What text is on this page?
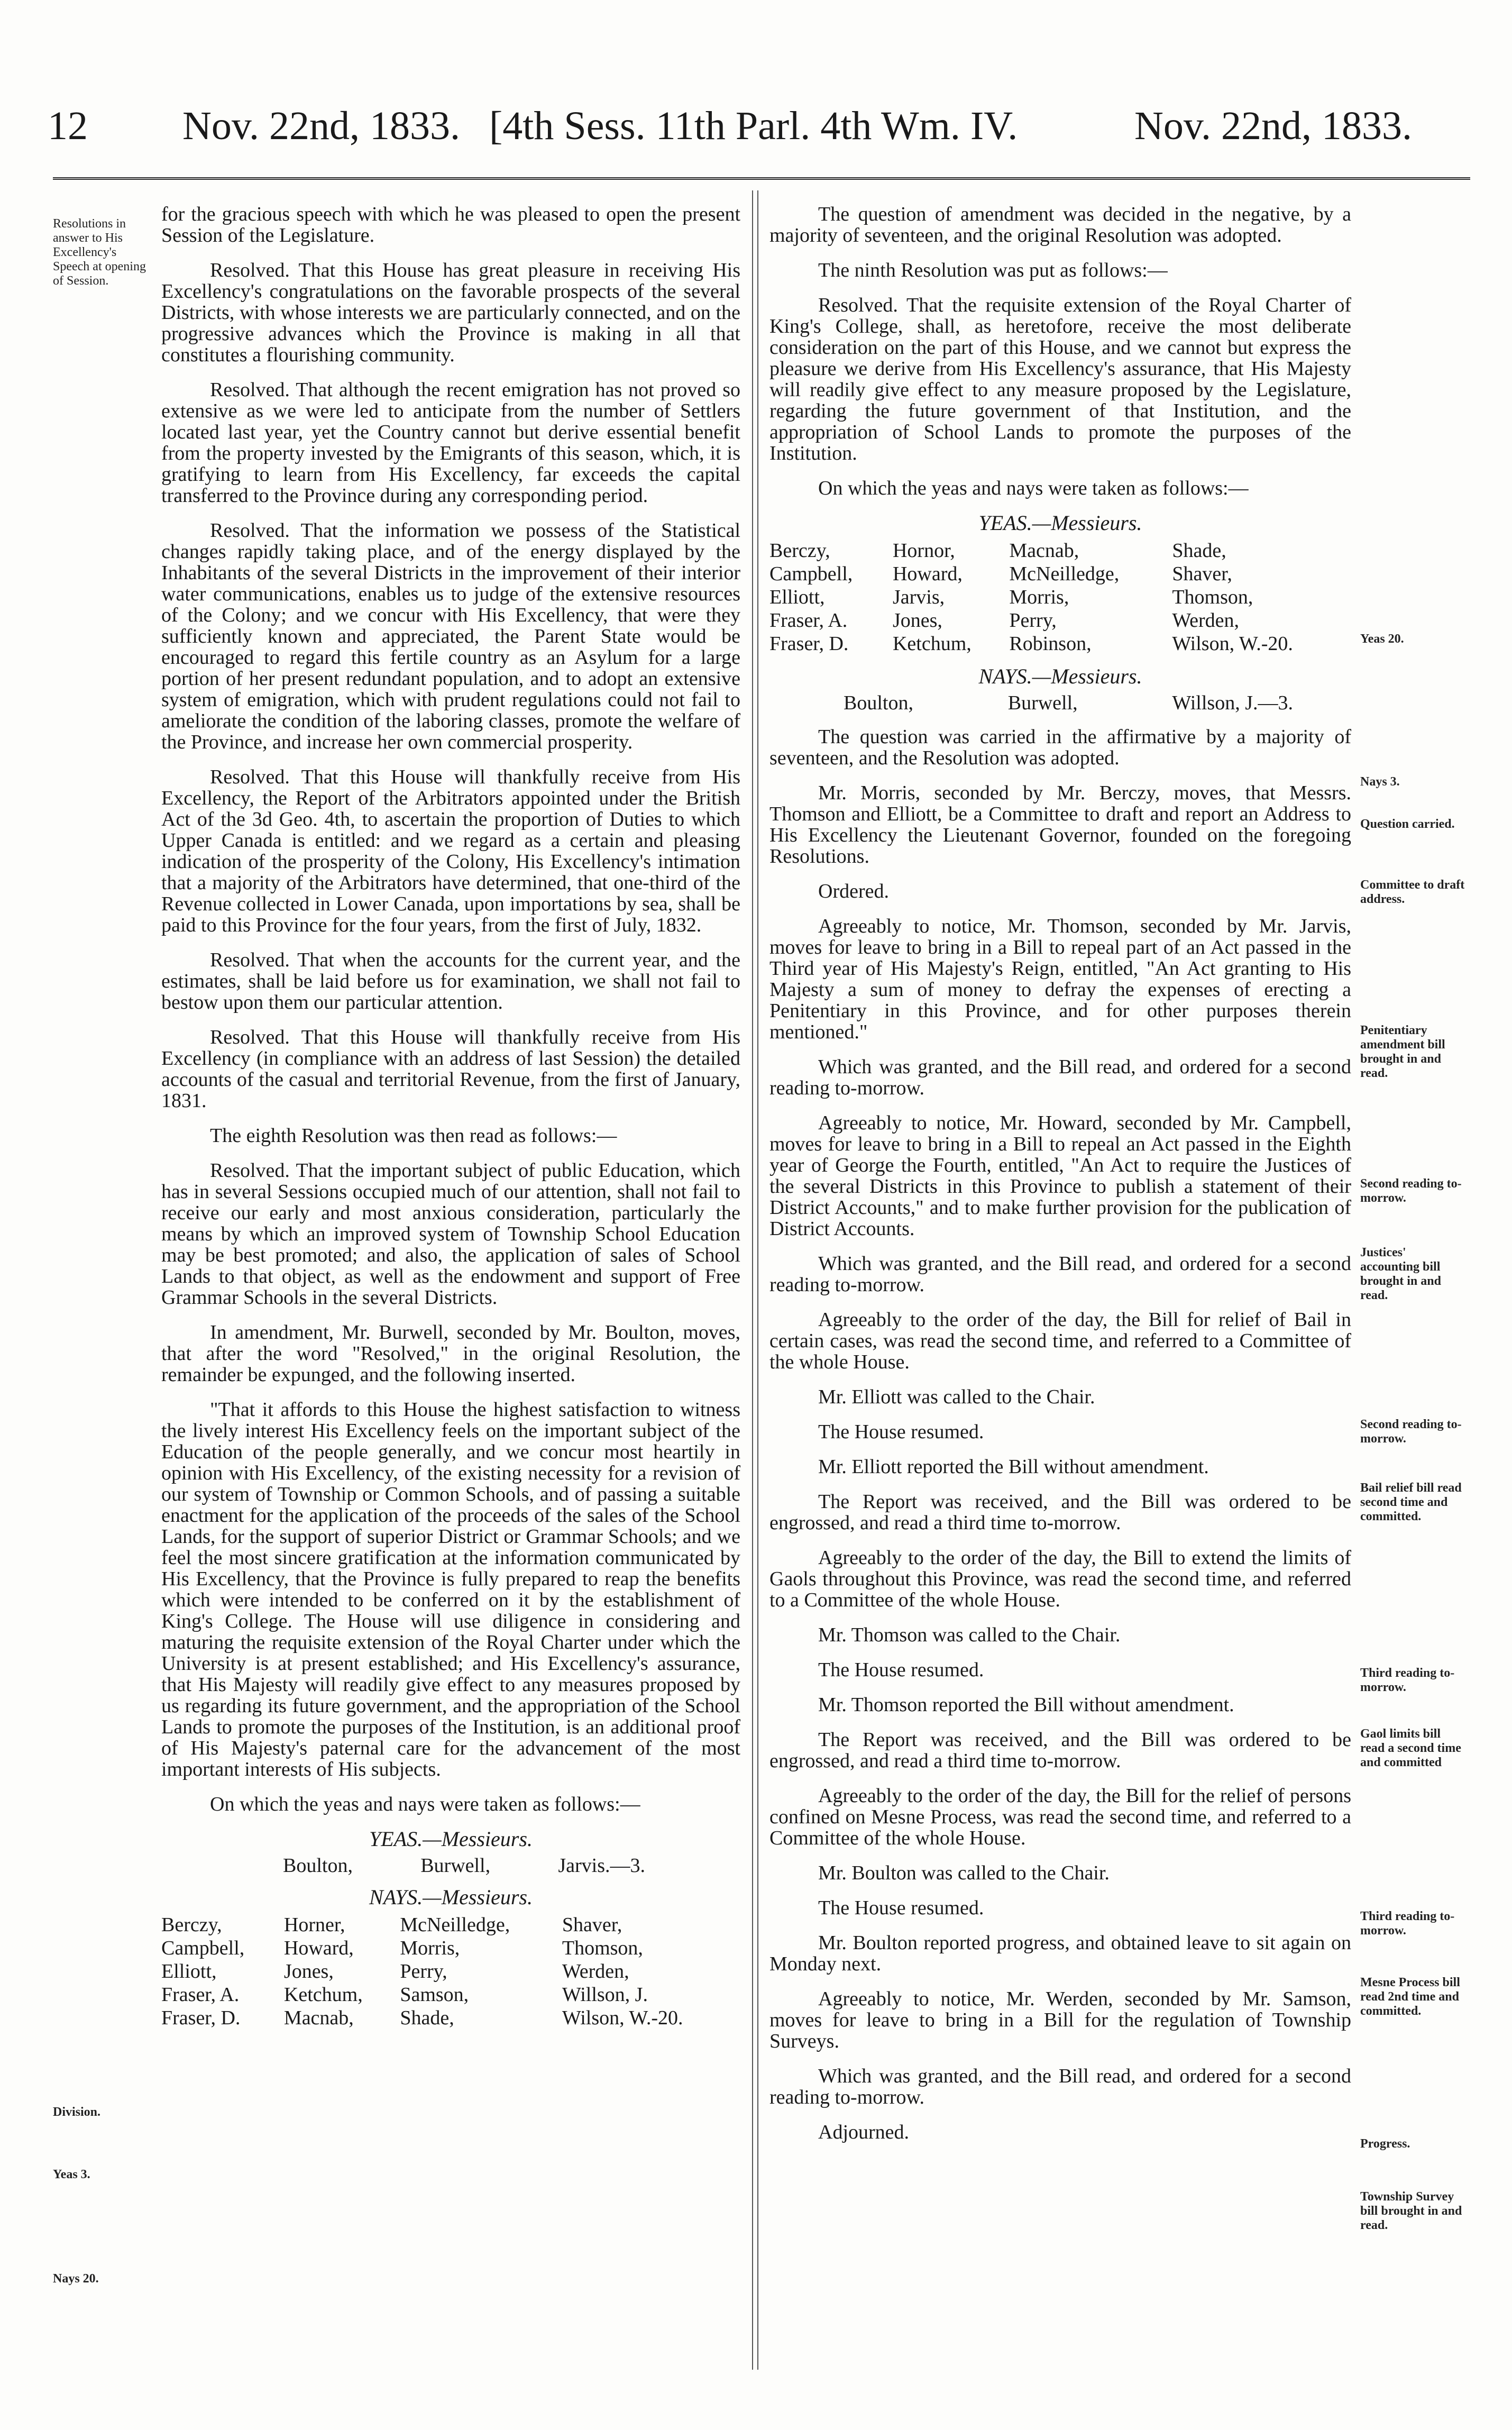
12 Nov. 22nd, 1833. [4th Sess. 11th Parl. 4th Wm. IV.	Nov. 22nd, 1833.
Resolutions in answer to His Excellency's Speech at opening of Session.
Division.
Yeas 3.
Nays 20.
Yeas 20.
Nays 3.
Question carried.
Committee to draft address.
Penitentiary amendment bill brought in and read.
Second reading to-morrow.
Justices' accounting bill brought in and read.
Second reading to-morrow.
Bail relief bill read second time and committed.
Third reading to-morrow.
Gaol limits bill read a second time and committed
Third reading to-morrow.
Mesne Process bill read 2nd time and committed.
Progress.
Township Survey bill brought in and read.

for the gracious speech with which he was pleased to open the present Session of the Legislature.

Resolved. That this House has great pleasure in receiving His Excellency's congratulations on the favorable prospects of the several Districts, with whose interests we are particularly connected, and on the progressive advances which the Province is making in all that constitutes a flourishing community.

Resolved. That although the recent emigration has not proved so extensive as we were led to anticipate from the number of Settlers located last year, yet the Country cannot but derive essential benefit from the property invested by the Emigrants of this season, which, it is gratifying to learn from His Excellency, far exceeds the capital transferred to the Province during any corresponding period.

Resolved. That the information we possess of the Statistical changes rapidly taking place, and of the energy displayed by the Inhabitants of the several Districts in the improvement of their interior water communications, enables us to judge of the extensive resources of the Colony; and we concur with His Excellency, that were they sufficiently known and appreciated, the Parent State would be encouraged to regard this fertile country as an Asylum for a large portion of her present redundant population, and to adopt an extensive system of emigration, which with prudent regulations could not fail to ameliorate the condition of the laboring classes, promote the welfare of the Province, and increase her own commercial prosperity.

Resolved. That this House will thankfully receive from His Excellency, the Report of the Arbitrators appointed under the British Act of the 3d Geo. 4th, to ascertain the proportion of Duties to which Upper Canada is entitled: and we regard as a certain and pleasing indication of the prosperity of the Colony, His Excellency's intimation that a majority of the Arbitrators have determined, that one-third of the Revenue collected in Lower Canada, upon importations by sea, shall be paid to this Province for the four years, from the first of July, 1832.

Resolved. That when the accounts for the current year, and the estimates, shall be laid before us for examination, we shall not fail to bestow upon them our particular attention.

Resolved. That this House will thankfully receive from His Excellency (in compliance with an address of last Session) the detailed accounts of the casual and territorial Revenue, from the first of January, 1831.

The eighth Resolution was then read as follows:—

Resolved. That the important subject of public Education, which has in several Sessions occupied much of our attention, shall not fail to receive our early and most anxious consideration, particularly the means by which an improved system of Township School Education may be best promoted; and also, the application of sales of School Lands to that object, as well as the endowment and support of Free Grammar Schools in the several Districts.

In amendment, Mr. Burwell, seconded by Mr. Boulton, moves, that after the word "Resolved," in the original Resolution, the remainder be expunged, and the following inserted.

"That it affords to this House the highest satisfaction to witness the lively interest His Excellency feels on the important subject of the Education of the people generally, and we concur most heartily in opinion with His Excellency, of the existing necessity for a revision of our system of Township or Common Schools, and of passing a suitable enactment for the application of the proceeds of the sales of the School Lands, for the support of superior District or Grammar Schools; and we feel the most sincere gratification at the information communicated by His Excellency, that the Province is fully prepared to reap the benefits which were intended to be conferred on it by the establishment of King's College. The House will use diligence in considering and maturing the requisite extension of the Royal Charter under which the University is at present established; and His Excellency's assurance, that His Majesty will readily give effect to any measures proposed by us regarding its future government, and the appropriation of the School Lands to promote the purposes of the Institution, is an additional proof of His Majesty's paternal care for the advancement of the most important interests of His subjects.

On which the yeas and nays were taken as follows:—

YEAS.—Messieurs.
Boulton,	Burwell,	Jarvis.—3.
NAYS.—Messieurs.
Berczy,	Horner,	McNeilledge,	Shaver,
Campbell,	Howard,	Morris,	Thomson,
Elliott,	Jones,	Perry,	Werden,
Fraser, A.	Ketchum,	Samson,	Willson, J.
Fraser, D.	Macnab,	Shade,	Wilson, W.-20.

The question of amendment was decided in the negative, by a majority of seventeen, and the original Resolution was adopted.

The ninth Resolution was put as follows:—

Resolved. That the requisite extension of the Royal Charter of King's College, shall, as heretofore, receive the most deliberate consideration on the part of this House, and we cannot but express the pleasure we derive from His Excellency's assurance, that His Majesty will readily give effect to any measure proposed by the Legislature, regarding the future government of that Institution, and the appropriation of School Lands to promote the purposes of the Institution.

On which the yeas and nays were taken as follows:—

YEAS.—Messieurs.
Berczy,	Hornor,	Macnab,	Shade,
Campbell,	Howard,	McNeilledge,	Shaver,
Elliott,	Jarvis,	Morris,	Thomson,
Fraser, A.	Jones,	Perry,	Werden,
Fraser, D.	Ketchum,	Robinson,	Wilson, W.-20.
NAYS.—Messieurs.
Boulton,	Burwell,	Willson, J.—3.

The question was carried in the affirmative by a majority of seventeen, and the Resolution was adopted.

Mr. Morris, seconded by Mr. Berczy, moves, that Messrs. Thomson and Elliott, be a Committee to draft and report an Address to His Excellency the Lieutenant Governor, founded on the foregoing Resolutions.

Ordered.

Agreeably to notice, Mr. Thomson, seconded by Mr. Jarvis, moves for leave to bring in a Bill to repeal part of an Act passed in the Third year of His Majesty's Reign, entitled, "An Act granting to His Majesty a sum of money to defray the expenses of erecting a Penitentiary in this Province, and for other purposes therein mentioned."

Which was granted, and the Bill read, and ordered for a second reading to-morrow.

Agreeably to notice, Mr. Howard, seconded by Mr. Campbell, moves for leave to bring in a Bill to repeal an Act passed in the Eighth year of George the Fourth, entitled, "An Act to require the Justices of the several Districts in this Province to publish a statement of their District Accounts," and to make further provision for the publication of District Accounts.

Which was granted, and the Bill read, and ordered for a second reading to-morrow.

Agreeably to the order of the day, the Bill for relief of Bail in certain cases, was read the second time, and referred to a Committee of the whole House.

Mr. Elliott was called to the Chair.

The House resumed.

Mr. Elliott reported the Bill without amendment.

The Report was received, and the Bill was ordered to be engrossed, and read a third time to-morrow.

Agreeably to the order of the day, the Bill to extend the limits of Gaols throughout this Province, was read the second time, and referred to a Committee of the whole House.

Mr. Thomson was called to the Chair.

The House resumed.

Mr. Thomson reported the Bill without amendment.

The Report was received, and the Bill was ordered to be engrossed, and read a third time to-morrow.

Agreeably to the order of the day, the Bill for the relief of persons confined on Mesne Process, was read the second time, and referred to a Committee of the whole House.

Mr. Boulton was called to the Chair.

The House resumed.

Mr. Boulton reported progress, and obtained leave to sit again on Monday next.

Agreeably to notice, Mr. Werden, seconded by Mr. Samson, moves for leave to bring in a Bill for the regulation of Township Surveys.

Which was granted, and the Bill read, and ordered for a second reading to-morrow.

Adjourned.
